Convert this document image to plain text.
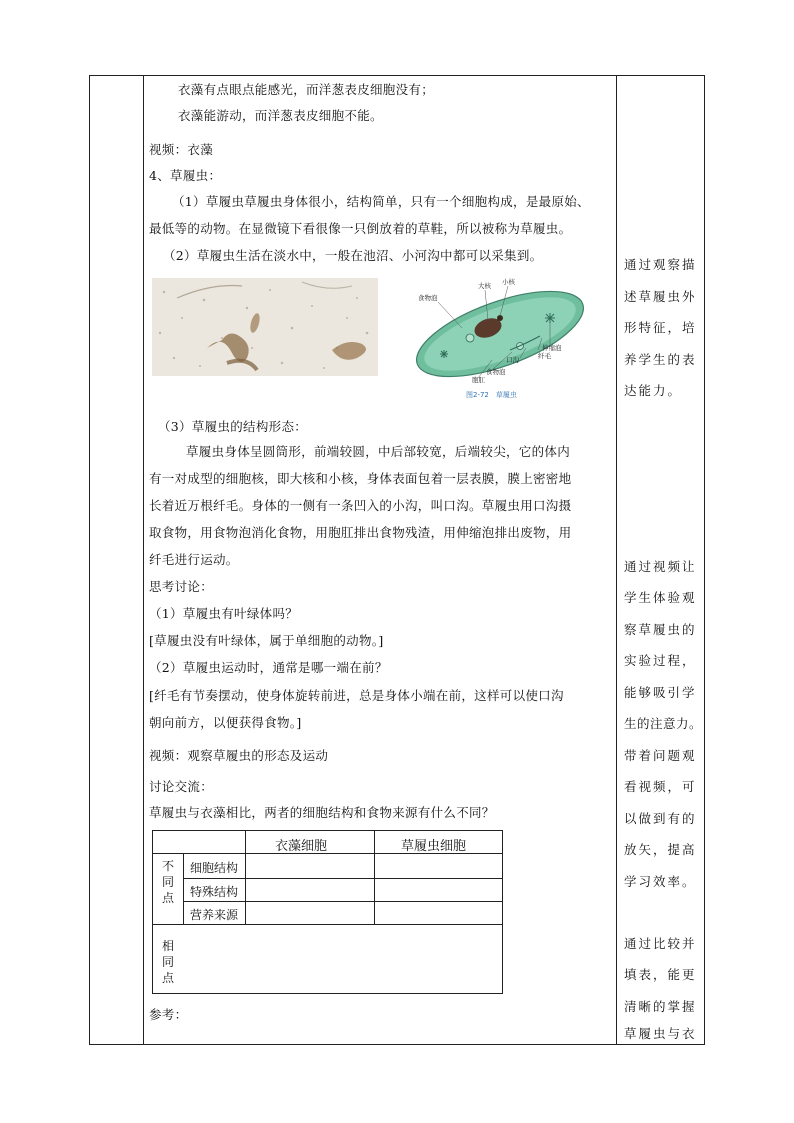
衣藻有点眼点能感光，而洋葱表皮细胞没有；
衣藻能游动，而洋葱表皮细胞不能。
视频：衣藻
4、草履虫：
（1）草履虫草履虫身体很小，结构简单，只有一个细胞构成，是最原始、
最低等的动物。在显微镜下看很像一只倒放着的草鞋，所以被称为草履虫。
（2）草履虫生活在淡水中，一般在池沼、小河沟中都可以采集到。
食物泡
大核 小核
伸缩泡
口沟	纤毛
食物泡
胞肛
图2-72　草履虫
（3）草履虫的结构形态：
草履虫身体呈圆筒形，前端较圆，中后部较宽，后端较尖，它的体内
有一对成型的细胞核，即大核和小核，身体表面包着一层表膜，膜上密密地
长着近万根纤毛。身体的一侧有一条凹入的小沟，叫口沟。草履虫用口沟摄
取食物，用食物泡消化食物，用胞肛排出食物残渣，用伸缩泡排出废物，用
纤毛进行运动。
思考讨论：
（1）草履虫有叶绿体吗？
[草履虫没有叶绿体，属于单细胞的动物。]
（2）草履虫运动时，通常是哪一端在前？
[纤毛有节奏摆动，使身体旋转前进，总是身体小端在前，这样可以使口沟
朝向前方，以便获得食物。]
视频：观察草履虫的形态及运动
讨论交流：
草履虫与衣藻相比，两者的细胞结构和食物来源有什么不同？
参考：
衣藻细胞	草履虫细胞
不
同
点
细胞结构
特殊结构
营养来源
相
同
点
通过观察描
述草履虫外
形特征，培
养学生的表
达能力。
通过视频让
学生体验观
察草履虫的
实验过程，
能够吸引学
生的注意力。
带着问题观
看视频，可
以做到有的
放矢，提高
学习效率。
通过比较并
填表，能更
清晰的掌握
草履虫与衣
